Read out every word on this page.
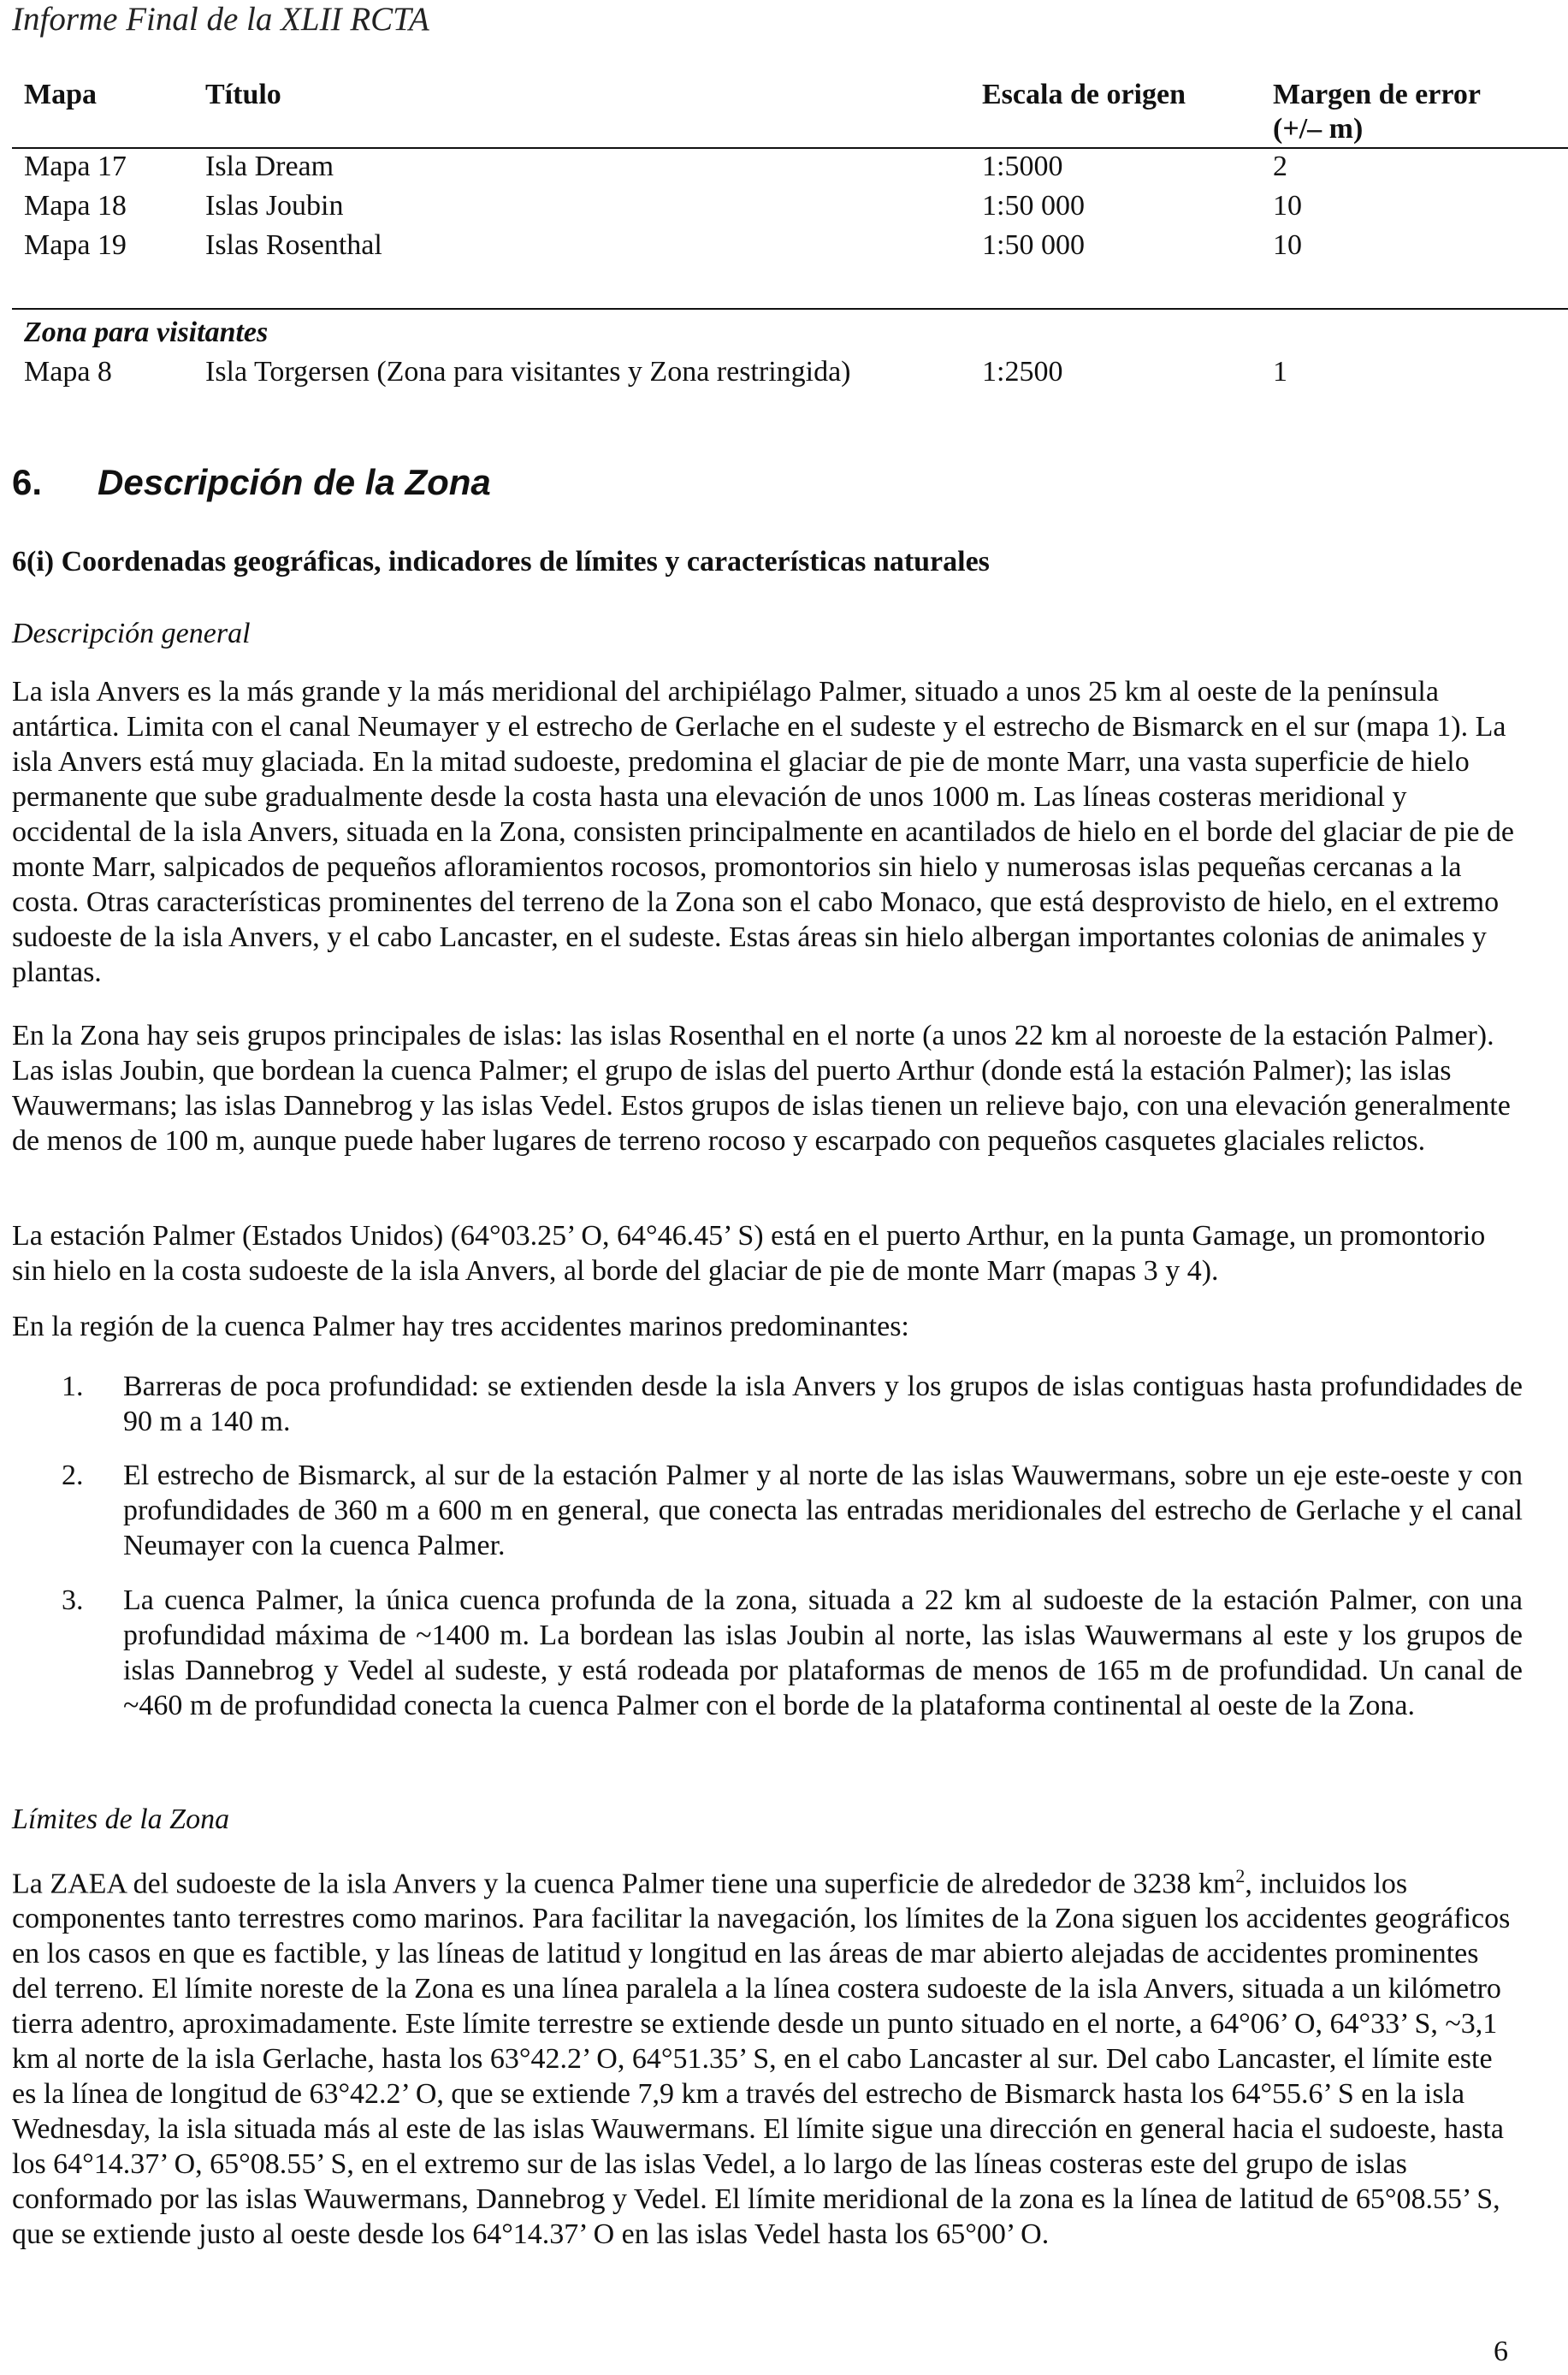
Informe Final de la XLII RCTA
Mapa	Título	Escala de origen	Margen de error
(+/– m)
Mapa 17	Isla Dream	1:5000	2
Mapa 18	Islas Joubin	1:50 000	10
Mapa 19	Islas Rosenthal	1:50 000	10
Zona para visitantes
Mapa 8	Isla Torgersen (Zona para visitantes y Zona restringida)	1:2500	1
6. Descripción de la Zona
6(i) Coordenadas geográficas, indicadores de límites y características naturales
Descripción general

La isla Anvers es la más grande y la más meridional del archipiélago Palmer, situado a unos 25 km al oeste de la península antártica. Limita con el canal Neumayer y el estrecho de Gerlache en el sudeste y el estrecho de Bismarck en el sur (mapa 1). La isla Anvers está muy glaciada. En la mitad sudoeste, predomina el glaciar de pie de monte Marr, una vasta superficie de hielo permanente que sube gradualmente desde la costa hasta una elevación de unos 1000 m. Las líneas costeras meridional y occidental de la isla Anvers, situada en la Zona, consisten principalmente en acantilados de hielo en el borde del glaciar de pie de monte Marr, salpicados de pequeños afloramientos rocosos, promontorios sin hielo y numerosas islas pequeñas cercanas a la costa. Otras características prominentes del terreno de la Zona son el cabo Monaco, que está desprovisto de hielo, en el extremo sudoeste de la isla Anvers, y el cabo Lancaster, en el sudeste. Estas áreas sin hielo albergan importantes colonias de animales y plantas.

En la Zona hay seis grupos principales de islas: las islas Rosenthal en el norte (a unos 22 km al noroeste de la estación Palmer). Las islas Joubin, que bordean la cuenca Palmer; el grupo de islas del puerto Arthur (donde está la estación Palmer); las islas Wauwermans; las islas Dannebrog y las islas Vedel. Estos grupos de islas tienen un relieve bajo, con una elevación generalmente de menos de 100 m, aunque puede haber lugares de terreno rocoso y escarpado con pequeños casquetes glaciales relictos.

La estación Palmer (Estados Unidos) (64°03.25’ O, 64°46.45’ S) está en el puerto Arthur, en la punta Gamage, un promontorio sin hielo en la costa sudoeste de la isla Anvers, al borde del glaciar de pie de monte Marr (mapas 3 y 4).

En la región de la cuenca Palmer hay tres accidentes marinos predominantes:

1. Barreras de poca profundidad: se extienden desde la isla Anvers y los grupos de islas contiguas hasta profundidades de 90 m a 140 m.
2. El estrecho de Bismarck, al sur de la estación Palmer y al norte de las islas Wauwermans, sobre un eje este-oeste y con profundidades de 360 m a 600 m en general, que conecta las entradas meridionales del estrecho de Gerlache y el canal Neumayer con la cuenca Palmer.
3. La cuenca Palmer, la única cuenca profunda de la zona, situada a 22 km al sudoeste de la estación Palmer, con una profundidad máxima de ~1400 m. La bordean las islas Joubin al norte, las islas Wauwermans al este y los grupos de islas Dannebrog y Vedel al sudeste, y está rodeada por plataformas de menos de 165 m de profundidad. Un canal de ~460 m de profundidad conecta la cuenca Palmer con el borde de la plataforma continental al oeste de la Zona.
Límites de la Zona

La ZAEA del sudoeste de la isla Anvers y la cuenca Palmer tiene una superficie de alrededor de 3238 $km^2$, incluidos los componentes tanto terrestres como marinos. Para facilitar la navegación, los límites de la Zona siguen los accidentes geográficos en los casos en que es factible, y las líneas de latitud y longitud en las áreas de mar abierto alejadas de accidentes prominentes del terreno. El límite noreste de la Zona es una línea paralela a la línea costera sudoeste de la isla Anvers, situada a un kilómetro tierra adentro, aproximadamente. Este límite terrestre se extiende desde un punto situado en el norte, a 64°06’ O, 64°33’ S, ~3,1 km al norte de la isla Gerlache, hasta los 63°42.2’ O, 64°51.35’ S, en el cabo Lancaster al sur. Del cabo Lancaster, el límite este es la línea de longitud de 63°42.2’ O, que se extiende 7,9 km a través del estrecho de Bismarck hasta los 64°55.6’ S en la isla Wednesday, la isla situada más al este de las islas Wauwermans. El límite sigue una dirección en general hacia el sudoeste, hasta los 64°14.37’ O, 65°08.55’ S, en el extremo sur de las islas Vedel, a lo largo de las líneas costeras este del grupo de islas conformado por las islas Wauwermans, Dannebrog y Vedel. El límite meridional de la zona es la línea de latitud de 65°08.55’ S, que se extiende justo al oeste desde los 64°14.37’ O en las islas Vedel hasta los 65°00’ O.

6
